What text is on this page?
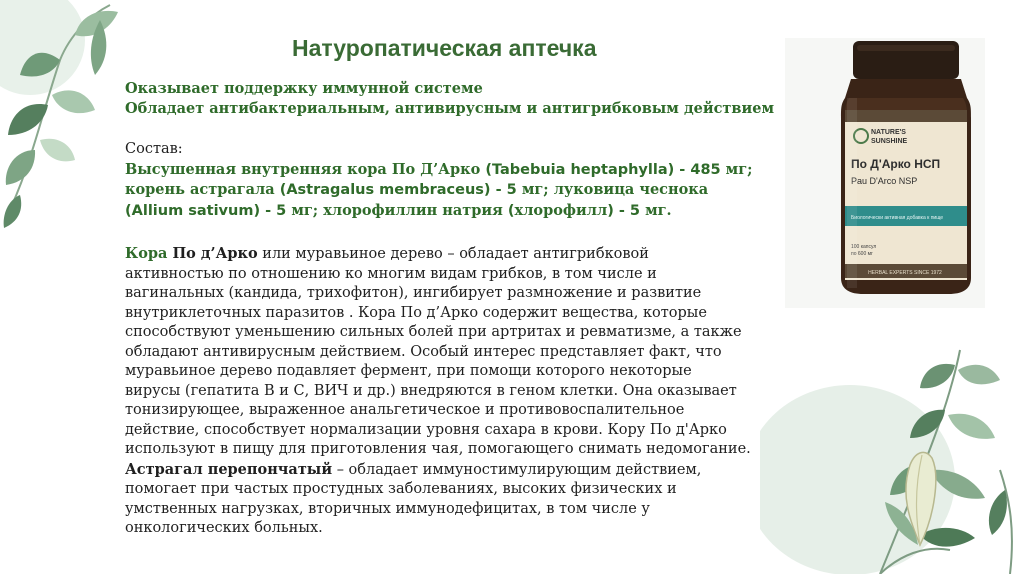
Натуропатическая аптечка
Оказывает поддержку иммунной системе
Обладает антибактериальным, антивирусным и антигрибковым действием
Состав:
Высушенная внутренняя кора По Д’Арко (Tabebuia heptaphylla) - 485 мг;
корень астрагала (Astragalus membraceus) - 5 мг; луковица чеснока
(Allium sativum) - 5 мг; хлорофиллин натрия (хлорофилл) - 5 мг.
Кора По д’Арко или муравьиное дерево – обладает антигрибковой
активностью по отношению ко многим видам грибков, в том числе и
вагинальных (кандида, трихофитон), ингибирует размножение и развитие
внутриклеточных паразитов . Кора По д’Арко содержит вещества, которые
способствуют уменьшению сильных болей при артритах и ревматизме, а также
обладают антивирусным действием. Особый интерес представляет факт, что
муравьиное дерево подавляет фермент, при помощи которого некоторые
вирусы (гепатита В и С, ВИЧ и др.) внедряются в геном клетки. Она оказывает
тонизирующее, выраженное анальгетическое и противовоспалительное
действие, способствует нормализации уровня сахара в крови. Кору По д'Арко
используют в пищу для приготовления чая, помогающего снимать недомогание.
Астрагал перепончатый – обладает иммуностимулирующим действием,
помогает при частых простудных заболеваниях, высоких физических и
умственных нагрузках, вторичных иммунодефицитах, в том числе у
онкологических больных.
NATURE'S
SUNSHINE
По Д'Арко НСП
Pau D'Arco NSP
Биологически активная добавка к пище
100 капсул
по 600 мг
HERBAL EXPERTS SINCE 1972
